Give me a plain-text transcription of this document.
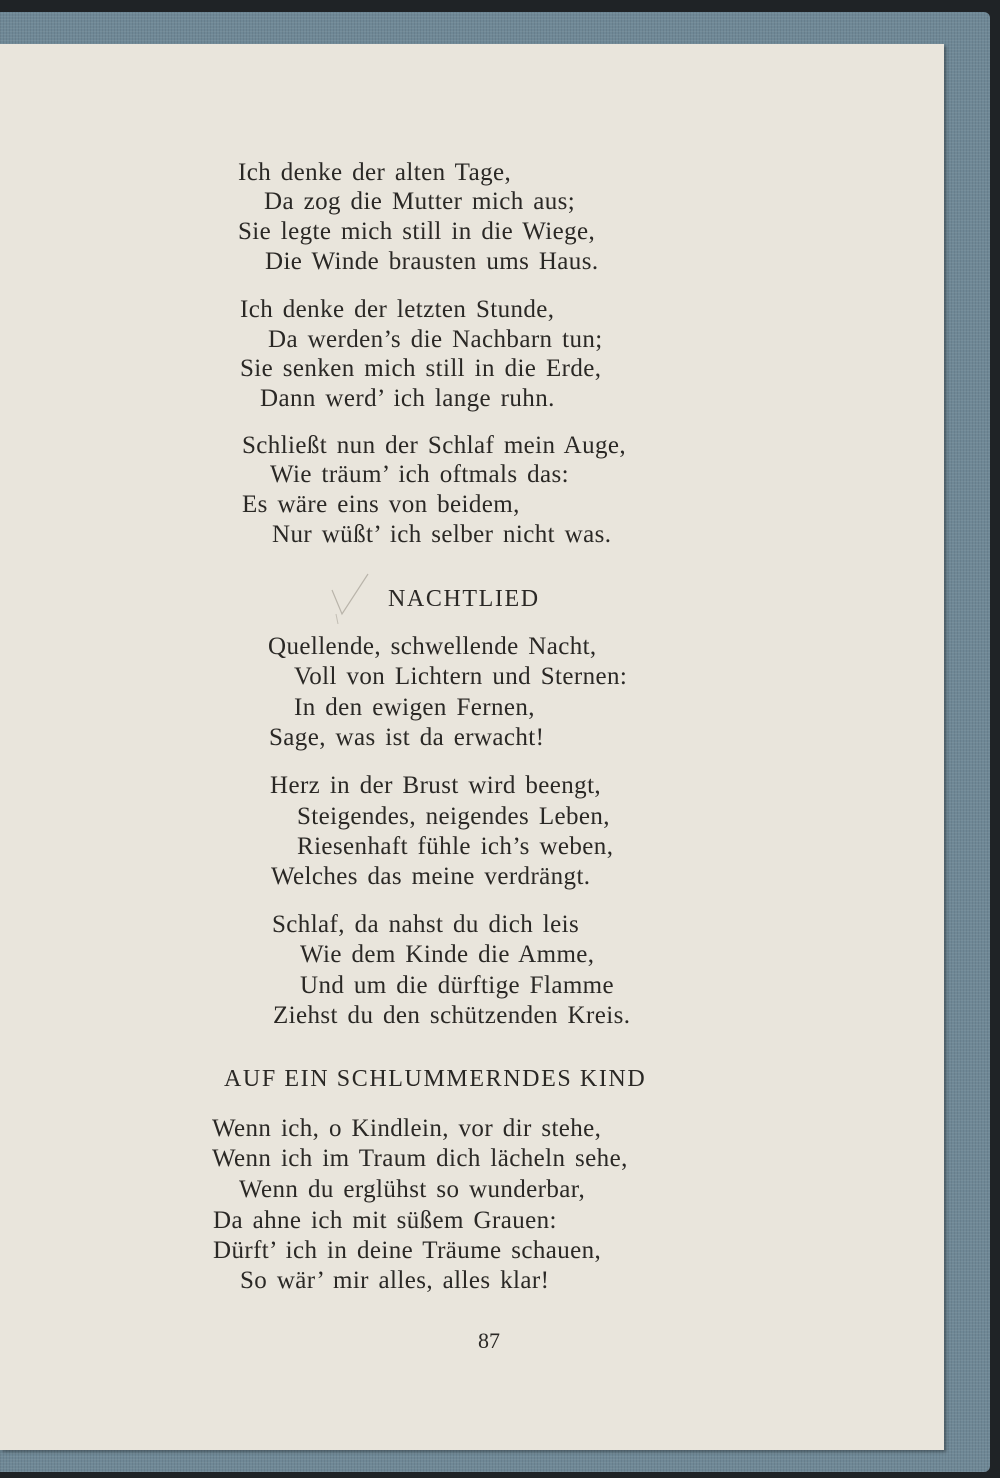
Ich denke der alten Tage,
Da zog die Mutter mich aus;
Sie legte mich still in die Wiege,
Die Winde brausten ums Haus.
Ich denke der letzten Stunde,
Da werden’s die Nachbarn tun;
Sie senken mich still in die Erde,
Dann werd’ ich lange ruhn.
Schließt nun der Schlaf mein Auge,
Wie träum’ ich oftmals das:
Es wäre eins von beidem,
Nur wüßt’ ich selber nicht was.
NACHTLIED
Quellende, schwellende Nacht,
Voll von Lichtern und Sternen:
In den ewigen Fernen,
Sage, was ist da erwacht!
Herz in der Brust wird beengt,
Steigendes, neigendes Leben,
Riesenhaft fühle ich’s weben,
Welches das meine verdrängt.
Schlaf, da nahst du dich leis
Wie dem Kinde die Amme,
Und um die dürftige Flamme
Ziehst du den schützenden Kreis.
AUF EIN SCHLUMMERNDES KIND
Wenn ich, o Kindlein, vor dir stehe,
Wenn ich im Traum dich lächeln sehe,
Wenn du erglühst so wunderbar,
Da ahne ich mit süßem Grauen:
Dürft’ ich in deine Träume schauen,
So wär’ mir alles, alles klar!
87
